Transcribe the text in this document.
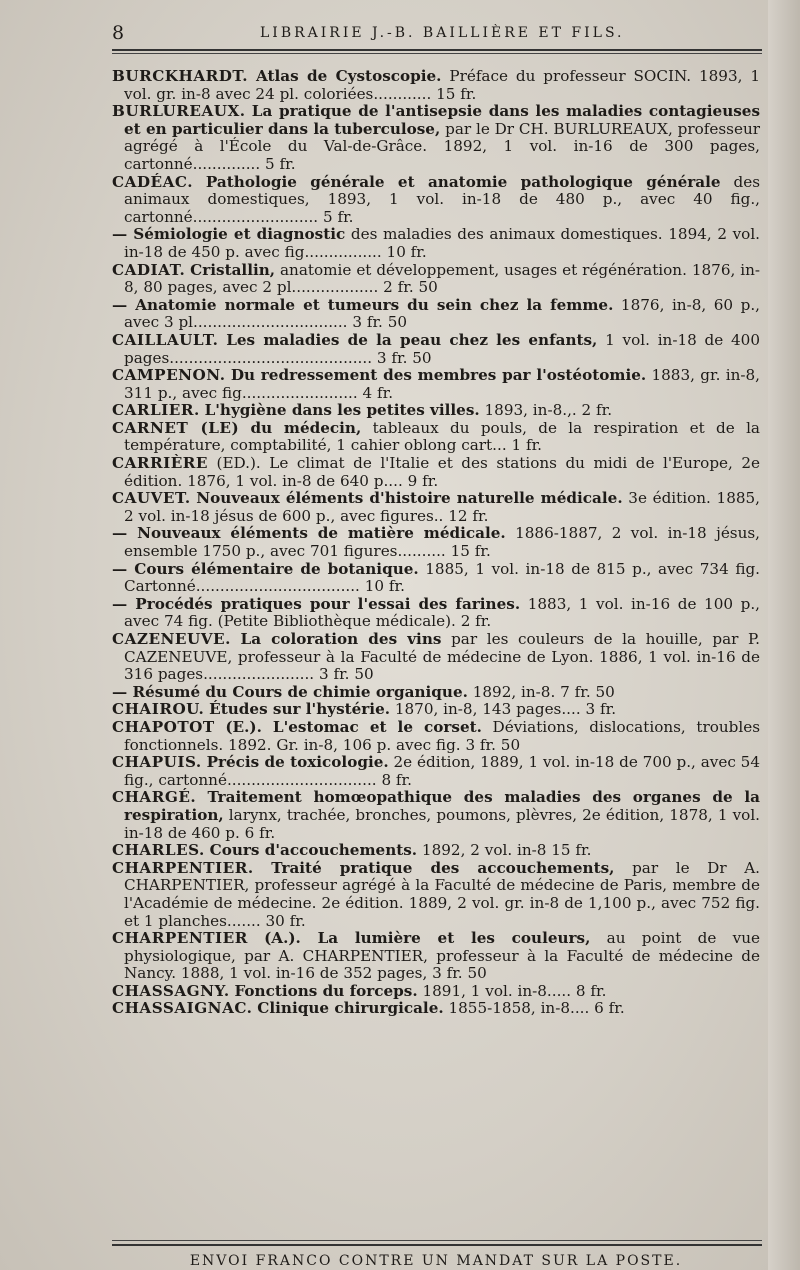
8	LIBRAIRIE J.-B. BAILLIÈRE ET FILS.

BURCKHARDT. Atlas de Cystoscopie. Préface du professeur SOCIN. 1893, 1 vol. gr. in-8 avec 24 pl. coloriées............ 15 fr.

BURLUREAUX. La pratique de l'antisepsie dans les maladies contagieuses et en particulier dans la tuberculose, par le Dr CH. BURLUREAUX, professeur agrégé à l'École du Val-de-Grâce. 1892, 1 vol. in-16 de 300 pages, cartonné.............. 5 fr.

CADÉAC. Pathologie générale et anatomie pathologique générale des animaux domestiques, 1893, 1 vol. in-18 de 480 p., avec 40 fig., cartonné.......................... 5 fr.

— Sémiologie et diagnostic des maladies des animaux domestiques. 1894, 2 vol. in-18 de 450 p. avec fig................ 10 fr.

CADIAT. Cristallin, anatomie et développement, usages et régénération. 1876, in-8, 80 pages, avec 2 pl.................. 2 fr. 50

— Anatomie normale et tumeurs du sein chez la femme. 1876, in-8, 60 p., avec 3 pl................................ 3 fr. 50

CAILLAULT. Les maladies de la peau chez les enfants, 1 vol. in-18 de 400 pages.......................................... 3 fr. 50

CAMPENON. Du redressement des membres par l'ostéotomie. 1883, gr. in-8, 311 p., avec fig........................ 4 fr.

CARLIER. L'hygiène dans les petites villes. 1893, in-8.,. 2 fr.

CARNET (LE) du médecin, tableaux du pouls, de la respiration et de la température, comptabilité, 1 cahier oblong cart... 1 fr.

CARRIÈRE (ED.). Le climat de l'Italie et des stations du midi de l'Europe, 2e édition. 1876, 1 vol. in-8 de 640 p.... 9 fr.

CAUVET. Nouveaux éléments d'histoire naturelle médicale. 3e édition. 1885, 2 vol. in-18 jésus de 600 p., avec figures.. 12 fr.

— Nouveaux éléments de matière médicale. 1886-1887, 2 vol. in-18 jésus, ensemble 1750 p., avec 701 figures.......... 15 fr.

— Cours élémentaire de botanique. 1885, 1 vol. in-18 de 815 p., avec 734 fig. Cartonné.................................. 10 fr.

— Procédés pratiques pour l'essai des farines. 1883, 1 vol. in-16 de 100 p., avec 74 fig. (Petite Bibliothèque médicale). 2 fr.

CAZENEUVE. La coloration des vins par les couleurs de la houille, par P. CAZENEUVE, professeur à la Faculté de médecine de Lyon. 1886, 1 vol. in-16 de 316 pages....................... 3 fr. 50

— Résumé du Cours de chimie organique. 1892, in-8. 7 fr. 50

CHAIROU. Études sur l'hystérie. 1870, in-8, 143 pages.... 3 fr.

CHAPOTOT (E.). L'estomac et le corset. Déviations, dislocations, troubles fonctionnels. 1892. Gr. in-8, 106 p. avec fig. 3 fr. 50

CHAPUIS. Précis de toxicologie. 2e édition, 1889, 1 vol. in-18 de 700 p., avec 54 fig., cartonné............................... 8 fr.

CHARGÉ. Traitement homœopathique des maladies des organes de la respiration, larynx, trachée, bronches, poumons, plèvres, 2e édition, 1878, 1 vol. in-18 de 460 p. 6 fr.

CHARLES. Cours d'accouchements. 1892, 2 vol. in-8 15 fr.

CHARPENTIER. Traité pratique des accouchements, par le Dr A. CHARPENTIER, professeur agrégé à la Faculté de médecine de Paris, membre de l'Académie de médecine. 2e édition. 1889, 2 vol. gr. in-8 de 1,100 p., avec 752 fig. et 1 planches....... 30 fr.

CHARPENTIER (A.). La lumière et les couleurs, au point de vue physiologique, par A. CHARPENTIER, professeur à la Faculté de médecine de Nancy. 1888, 1 vol. in-16 de 352 pages, 3 fr. 50

CHASSAGNY. Fonctions du forceps. 1891, 1 vol. in-8..... 8 fr.

CHASSAIGNAC. Clinique chirurgicale. 1855-1858, in-8.... 6 fr.

ENVOI FRANCO CONTRE UN MANDAT SUR LA POSTE.
